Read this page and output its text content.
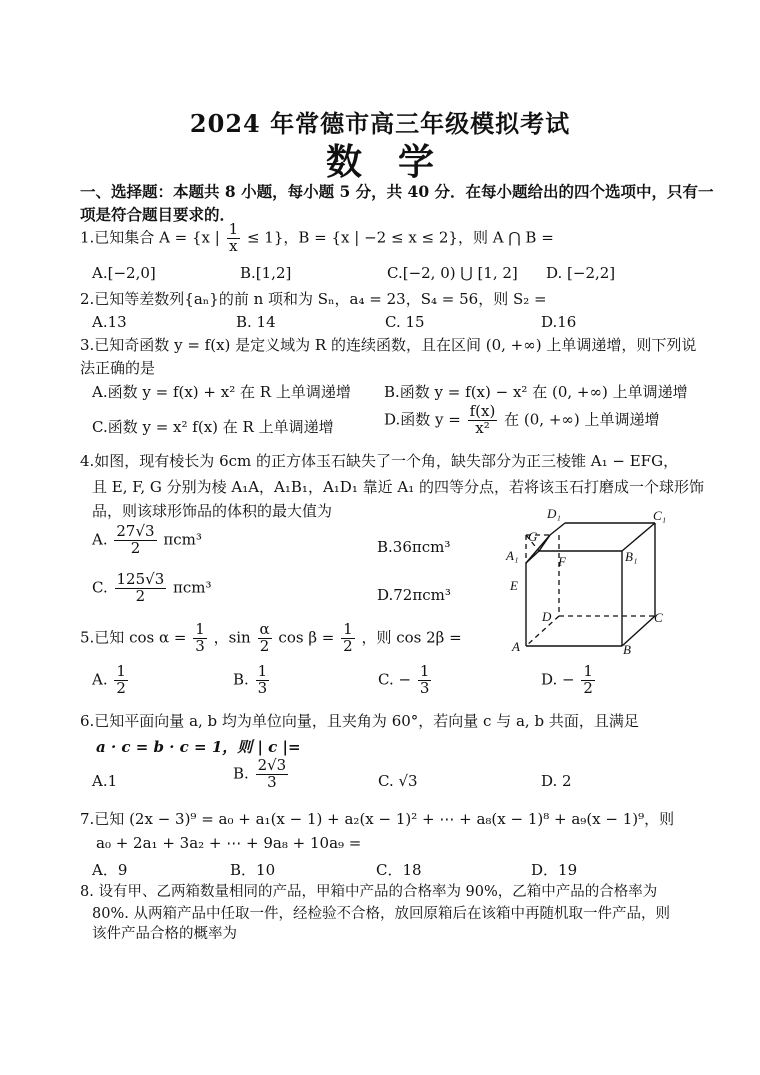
2024 年常德市高三年级模拟考试
数学
一、选择题：本题共 8 小题，每小题 5 分，共 40 分．在每小题给出的四个选项中，只有一
项是符合题目要求的．
1.已知集合 A = {x | $\frac{1}{x} \le 1$}，B = {x | −2 ≤ x ≤ 2}，则 A ⋂ B =
A.[−2,0]	B.[1,2]	C.[−2, 0) ⋃ [1, 2] D. [−2,2]
2.已知等差数列{aₙ}的前 n 项和为 Sₙ，a₄ = 23，S₄ = 56，则 S₂ =
A.13	B. 14	C. 15	D.16
3.已知奇函数 y = f(x) 是定义域为 R 的连续函数，且在区间 (0, +∞) 上单调递增，则下列说
法正确的是
A.函数 y = f(x) + x² 在 R 上单调递增 B.函数 y = f(x) − x² 在 (0, +∞) 上单调递增
C.函数 y = x² f(x) 在 R 上单调递增	D.函数 $y = \frac{f(x)}{\text{x²}}$ 在 (0, +∞) 上单调递增
4.如图，现有棱长为 6cm 的正方体玉石缺失了一个角，缺失部分为正三棱锥 A₁ − EFG，
且 E, F, G 分别为棱 A₁A，A₁B₁，A₁D₁ 靠近 A₁ 的四等分点，若将该玉石打磨成一个球形饰
品，则该球形饰品的体积的最大值为
A. $\frac{27√3}{2} \pi cm^3$	B.36πcm³
C. $\frac{125√3}{2} \pi cm^3$	D.72πcm³
D₁	C₁
G
A₁	F	B₁
E
D	C
A	B
5.已知 $\cos \alpha = \frac{1}{3}$ ，$\sin \frac{\alpha}{2}$ $\cos \beta = \frac{1}{2}$ ，则 cos 2β =
A. $\frac{1}{2}$	B. $\frac{1}{3}$	C. − $\frac{1}{3}$	D. − $\frac{1}{2}$
6.已知平面向量 a, b 均为单位向量，且夹角为 60°，若向量 c 与 a, b 共面，且满足
a · c = b · c = 1，则 | c |=
A.1	B. $\frac{2√3}{3}$	C. √3	D. 2
7.已知 (2x − 3)⁹ = a₀ + a₁(x − 1) + a₂(x − 1)² + ⋯ + a₈(x − 1)⁸ + a₉(x − 1)⁹，则
a₀ + 2a₁ + 3a₂ + ⋯ + 9a₈ + 10a₉ =
A．9	B．10	C．18	D．19
8. 设有甲、乙两箱数量相同的产品，甲箱中产品的合格率为 90%，乙箱中产品的合格率为
80%. 从两箱产品中任取一件，经检验不合格，放回原箱后在该箱中再随机取一件产品，则
该件产品合格的概率为
